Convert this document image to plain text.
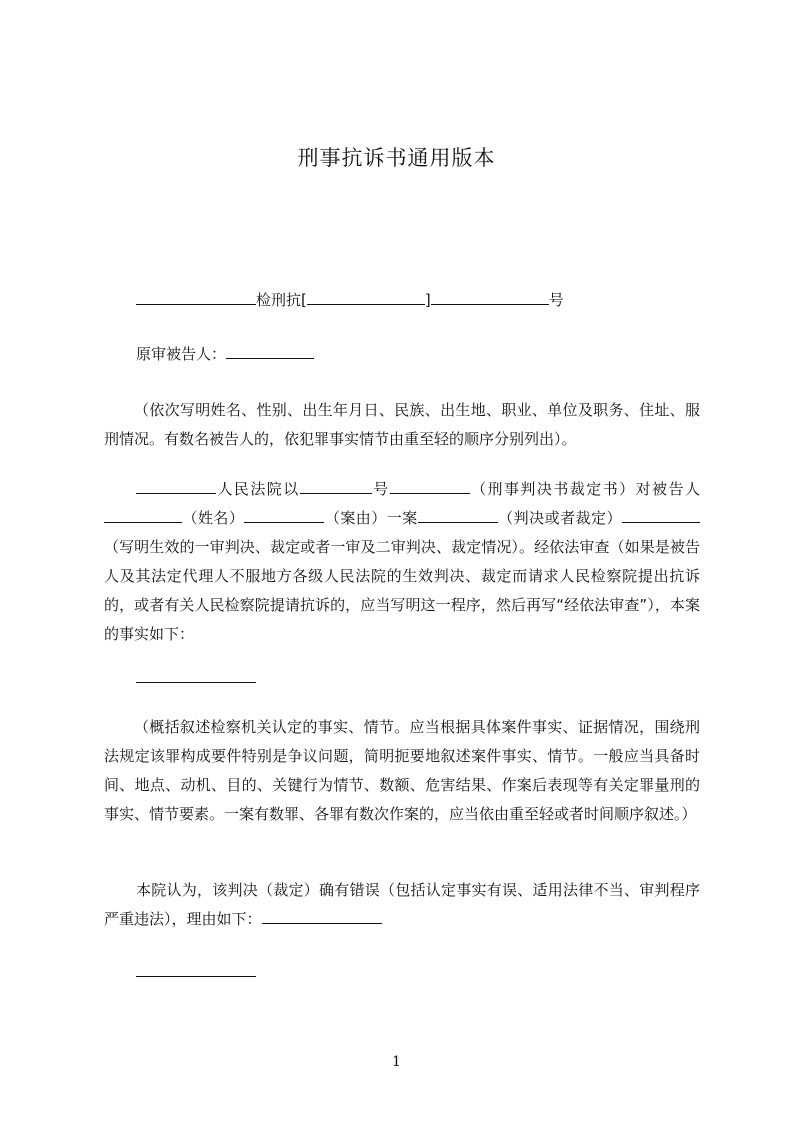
刑事抗诉书通用版本

检刑抗[	]	号

原审被告人：

（依次写明姓名、性别、出生年月日、民族、出生地、职业、单位及职务、住址、服刑情况。有数名被告人的，依犯罪事实情节由重至轻的顺序分别列出）。

人民法院以	号	（刑事判决书裁定书）对被告人（姓名）	（案由）一案	（判决或者裁定）（写明生效的一审判决、裁定或者一审及二审判决、裁定情况）。经依法审查（如果是被告人及其法定代理人不服地方各级人民法院的生效判决、裁定而请求人民检察院提出抗诉的，或者有关人民检察院提请抗诉的，应当写明这一程序，然后再写“经依法审查”），本案的事实如下：

（概括叙述检察机关认定的事实、情节。应当根据具体案件事实、证据情况，围绕刑法规定该罪构成要件特别是争议问题，简明扼要地叙述案件事实、情节。一般应当具备时间、地点、动机、目的、关键行为情节、数额、危害结果、作案后表现等有关定罪量刑的事实、情节要素。一案有数罪、各罪有数次作案的，应当依由重至轻或者时间顺序叙述。）

本院认为，该判决（裁定）确有错误（包括认定事实有误、适用法律不当、审判程序严重违法），理由如下：

1
